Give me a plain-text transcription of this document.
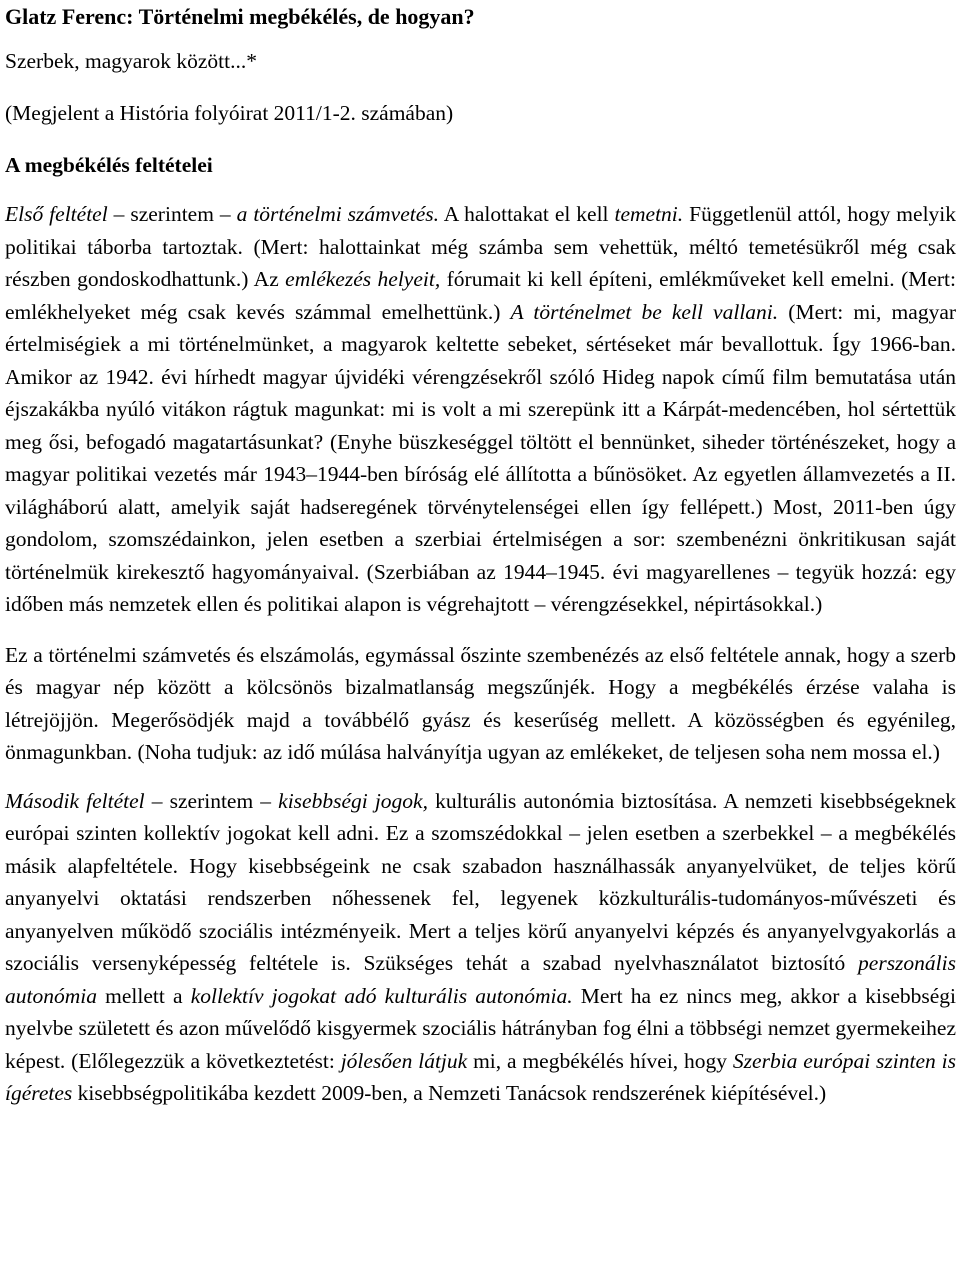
Glatz Ferenc: Történelmi megbékélés, de hogyan?

Szerbek, magyarok között...*

(Megjelent a História folyóirat 2011/1-2. számában)

A megbékélés feltételei

Első feltétel – szerintem – a történelmi számvetés. A halottakat el kell temetni. Függetlenül attól, hogy melyik politikai táborba tartoztak. (Mert: halottainkat még számba sem vehettük, méltó temetésükről még csak részben gondoskodhattunk.) Az emlékezés helyeit, fórumait ki kell építeni, emlékműveket kell emelni. (Mert: emlékhelyeket még csak kevés számmal emelhettünk.) A történelmet be kell vallani. (Mert: mi, magyar értelmiségiek a mi történelmünket, a magyarok keltette sebeket, sértéseket már bevallottuk. Így 1966-ban. Amikor az 1942. évi hírhedt magyar újvidéki vérengzésekről szóló Hideg napok című film bemutatása után éjszakákba nyúló vitákon rágtuk magunkat: mi is volt a mi szerepünk itt a Kárpát-medencében, hol sértettük meg ősi, befogadó magatartásunkat? (Enyhe büszkeséggel töltött el bennünket, siheder történészeket, hogy a magyar politikai vezetés már 1943–1944-ben bíróság elé állította a bűnösöket. Az egyetlen államvezetés a II. világháború alatt, amelyik saját hadseregének törvénytelenségei ellen így fellépett.) Most, 2011-ben úgy gondolom, szomszédainkon, jelen esetben a szerbiai értelmiségen a sor: szembenézni önkritikusan saját történelmük kirekesztő hagyományaival. (Szerbiában az 1944–1945. évi magyarellenes – tegyük hozzá: egy időben más nemzetek ellen és politikai alapon is végrehajtott – vérengzésekkel, népirtásokkal.)

Ez a történelmi számvetés és elszámolás, egymással őszinte szembenézés az első feltétele annak, hogy a szerb és magyar nép között a kölcsönös bizalmatlanság megszűnjék. Hogy a megbékélés érzése valaha is létrejöjjön. Megerősödjék majd a továbbélő gyász és keserűség mellett. A közösségben és egyénileg, önmagunkban. (Noha tudjuk: az idő múlása halványítja ugyan az emlékeket, de teljesen soha nem mossa el.)

Második feltétel – szerintem – kisebbségi jogok, kulturális autonómia biztosítása. A nemzeti kisebbségeknek európai szinten kollektív jogokat kell adni. Ez a szomszédokkal – jelen esetben a szerbekkel – a megbékélés másik alapfeltétele. Hogy kisebbségeink ne csak szabadon használhassák anyanyelvüket, de teljes körű anyanyelvi oktatási rendszerben nőhessenek fel, legyenek közkulturális-tudományos-művészeti és anyanyelven működő szociális intézményeik. Mert a teljes körű anyanyelvi képzés és anyanyelvgyakorlás a szociális versenyképesség feltétele is. Szükséges tehát a szabad nyelvhasználatot biztosító perszonális autonómia mellett a kollektív jogokat adó kulturális autonómia. Mert ha ez nincs meg, akkor a kisebbségi nyelvbe született és azon művelődő kisgyermek szociális hátrányban fog élni a többségi nemzet gyermekeihez képest. (Előlegezzük a következtetést: jólesően látjuk mi, a megbékélés hívei, hogy Szerbia európai szinten is ígéretes kisebbségpolitikába kezdett 2009-ben, a Nemzeti Tanácsok rendszerének kiépítésével.)
